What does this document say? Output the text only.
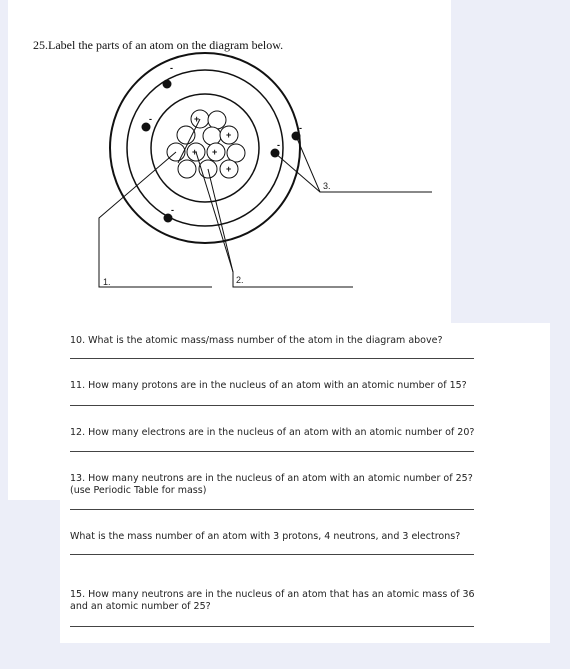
25.Label the parts of an atom on the diagram below.
+
+
+ +
+
-
-
-
-
-
1.	2.
3.
10. What is the atomic mass/mass number of the atom in the diagram above?
11. How many protons are in the nucleus of an atom with an atomic number of 15?
12. How many electrons are in the nucleus of an atom with an atomic number of 20?
13. How many neutrons are in the nucleus of an atom with an atomic number of 25?
(use Periodic Table for mass)
What is the mass number of an atom with 3 protons, 4 neutrons, and 3 electrons?
15. How many neutrons are in the nucleus of an atom that has an atomic mass of 36
and an atomic number of 25?
